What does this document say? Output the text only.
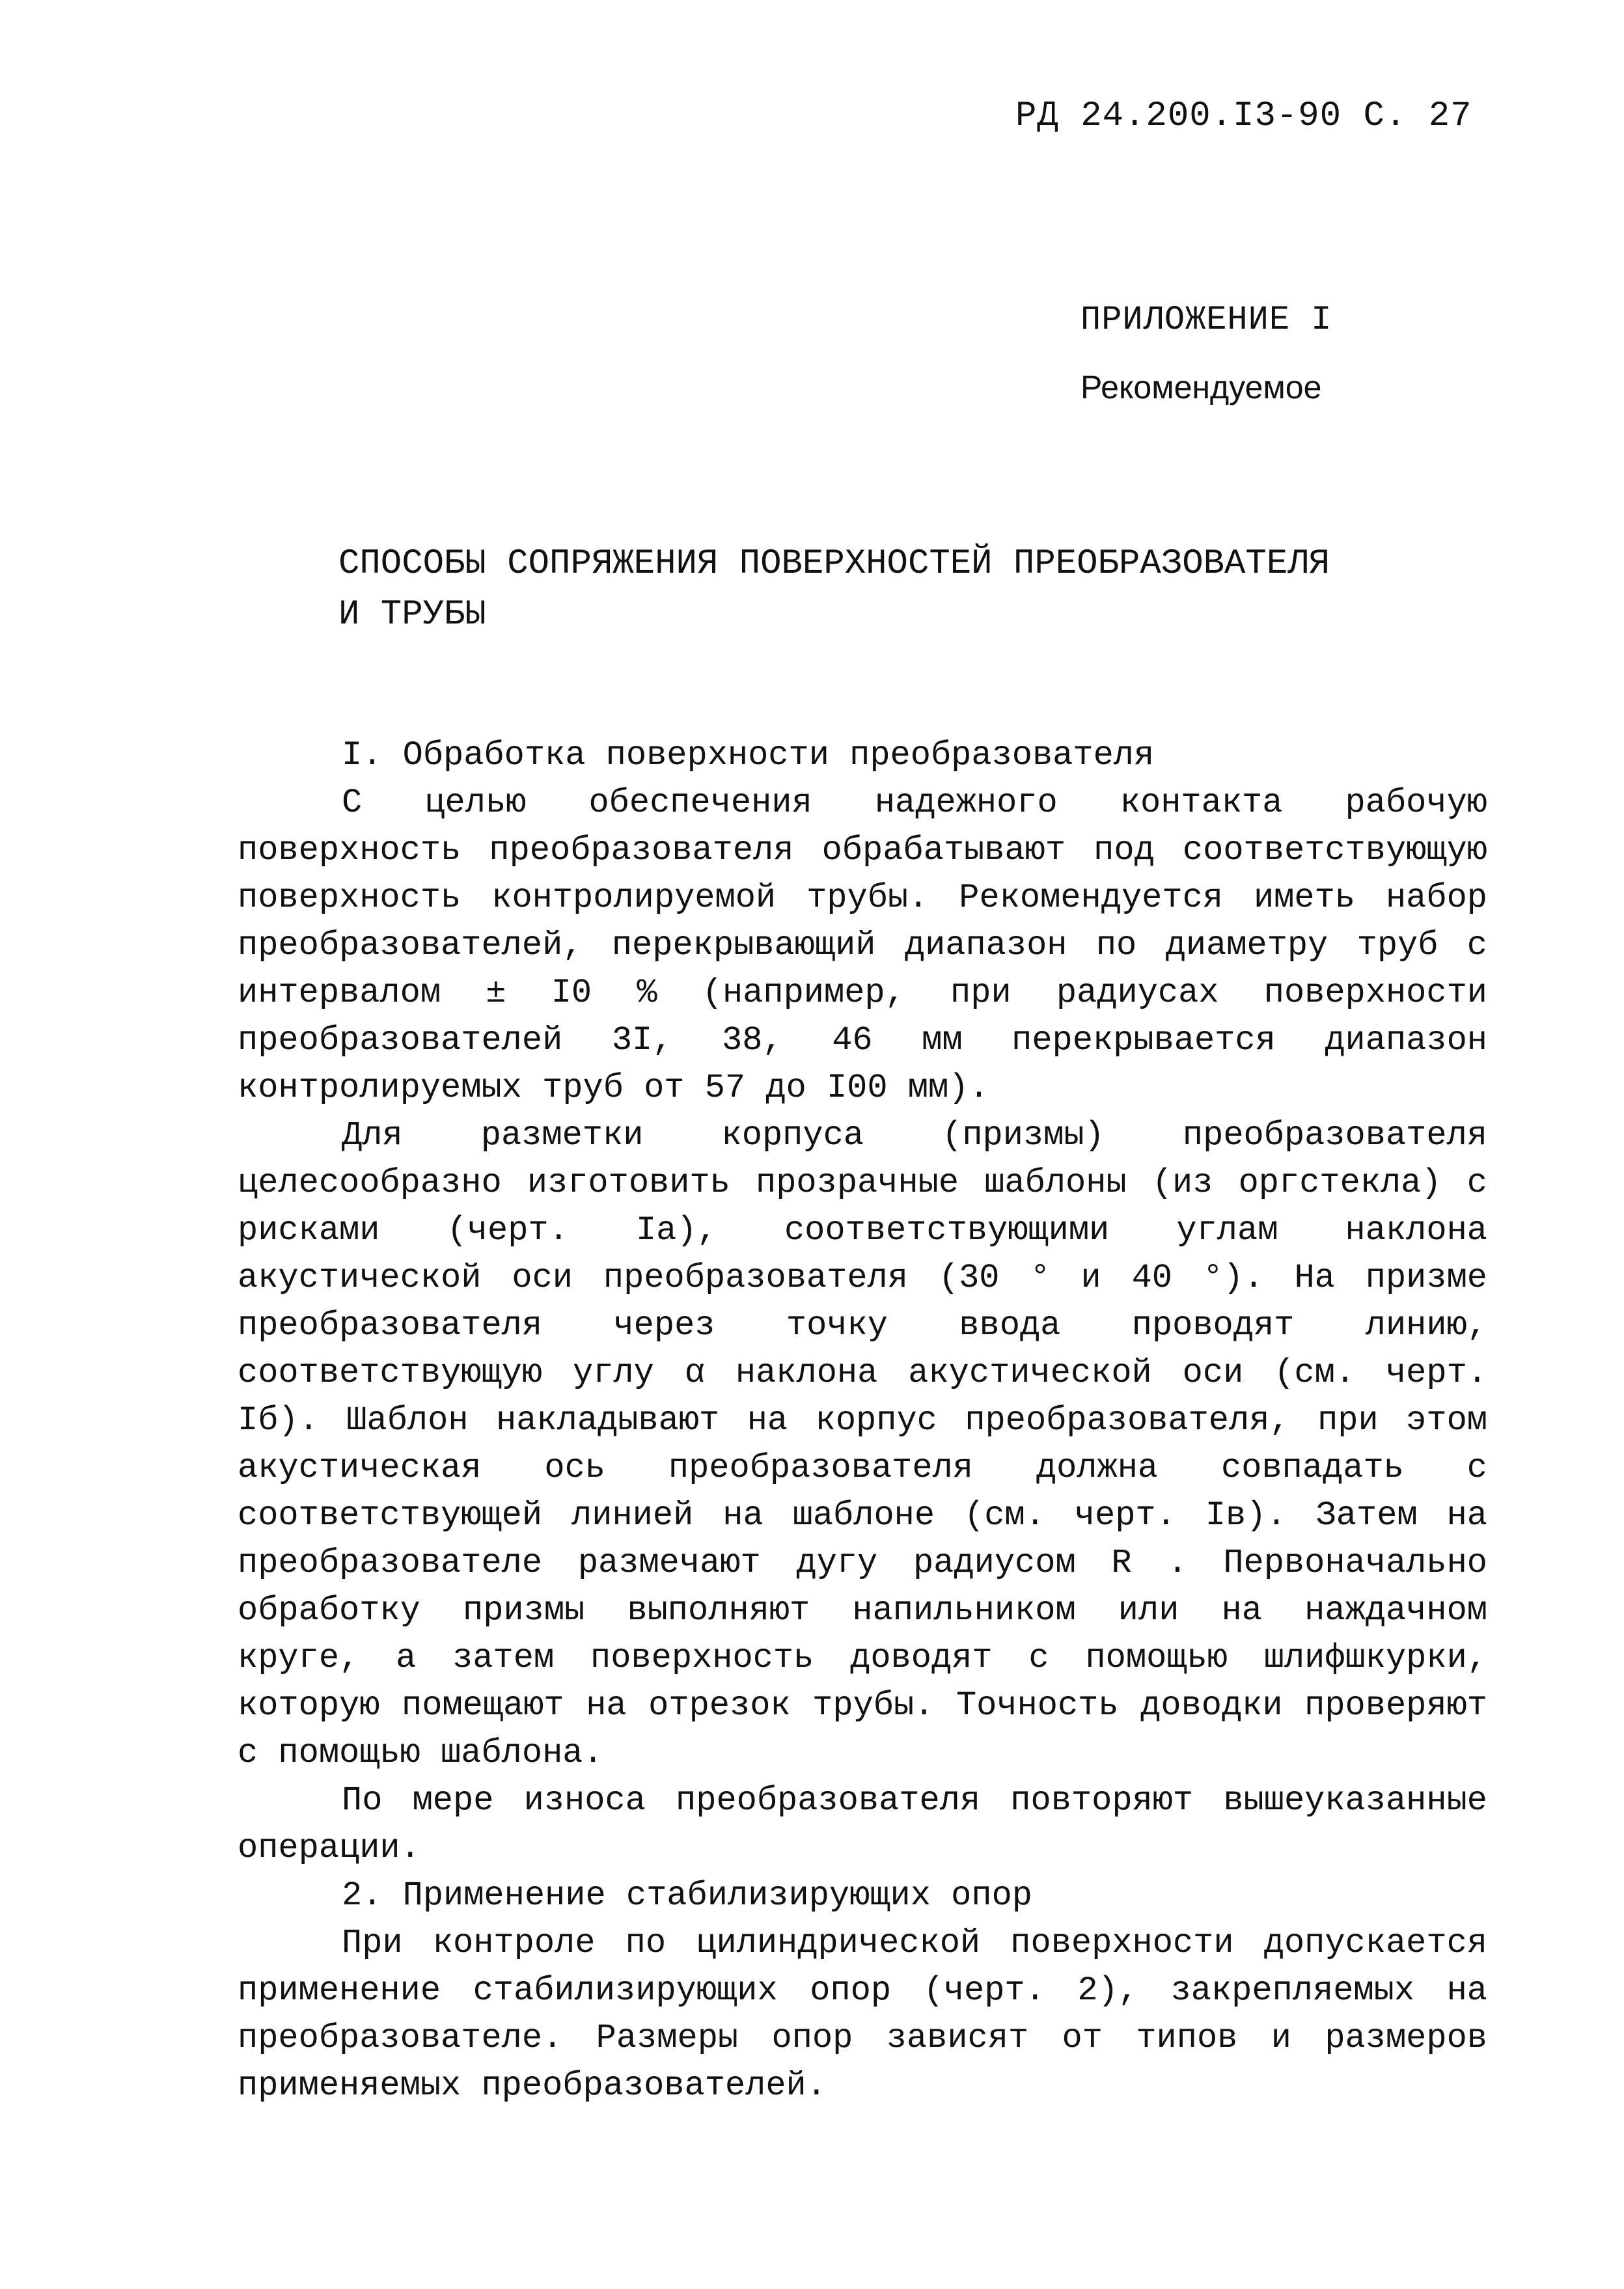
РД 24.200.I3-90 С. 27
ПРИЛОЖЕНИЕ I
Рекомендуемое
СПОСОБЫ СОПРЯЖЕНИЯ ПОВЕРХНОСТЕЙ ПРЕОБРАЗОВАТЕЛЯ
И ТРУБЫ

I. Обработка поверхности преобразователя

С целью обеспечения надежного контакта рабочую поверхность преобразователя обрабатывают под соответствующую поверхность контролируемой трубы. Рекомендуется иметь набор преобразователей, перекрывающий диапазон по диаметру труб с интервалом ± I0 % (например, при радиусах поверхности преобразователей 3I, 38, 46 мм перекрывается диапазон контролируемых труб от 57 до I00 мм).

Для разметки корпуса (призмы) преобразователя целесообразно изготовить прозрачные шаблоны (из оргстекла) с рисками (черт. Iа), соответствующими углам наклона акустической оси преобразователя (30 ° и 40 °). На призме преобразователя через точку ввода проводят линию, соответствующую углу α наклона акустической оси (см. черт. Iб). Шаблон накладывают на корпус преобразователя, при этом акустическая ось преобразователя должна совпадать с соответствующей линией на шаблоне (см. черт. Iв). Затем на преобразователе размечают дугу радиусом R . Первоначально обработку призмы выполняют напильником или на наждачном круге, а затем поверхность доводят с помощью шлифшкурки, которую помещают на отрезок трубы. Точность доводки проверяют с помощью шаблона.

По мере износа преобразователя повторяют вышеуказанные операции.

2. Применение стабилизирующих опор

При контроле по цилиндрической поверхности допускается применение стабилизирующих опор (черт. 2), закрепляемых на преобразователе. Размеры опор зависят от типов и размеров применяемых преобразователей.
